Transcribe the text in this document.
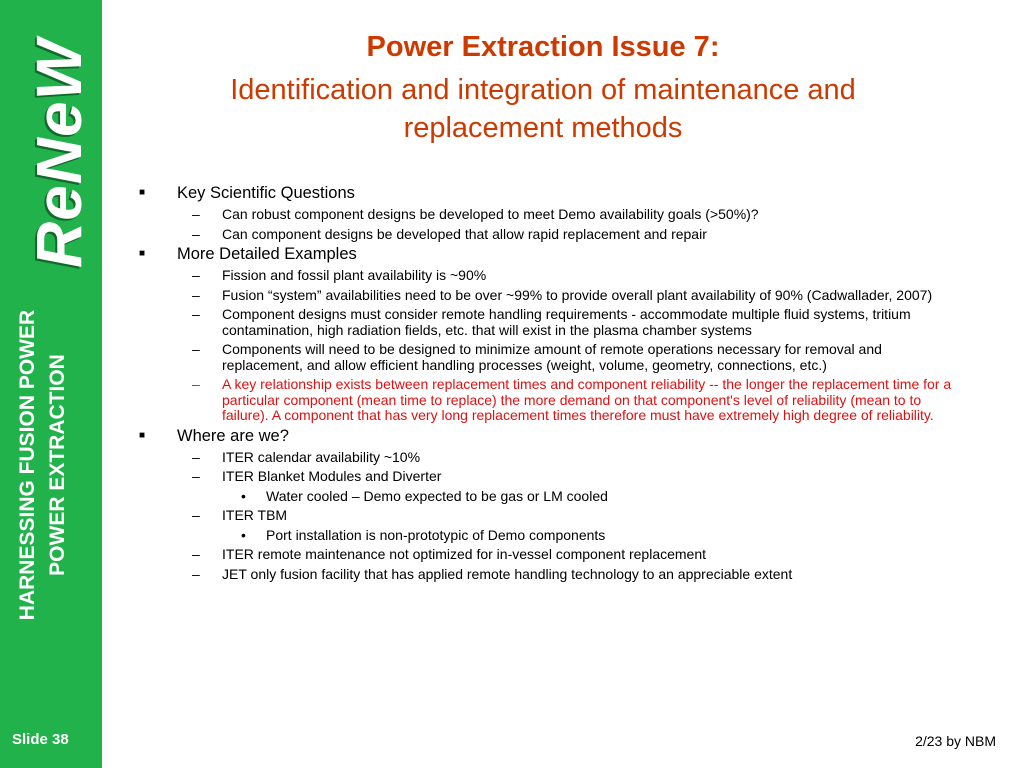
ReNeW
HARNESSING FUSION POWER POWER EXTRACTION
Slide 38
Power Extraction Issue 7:
Identification and integration of maintenance and replacement methods
■ Key Scientific Questions
– Can robust component designs be developed to meet Demo availability goals (>50%)?
– Can component designs be developed that allow rapid replacement and repair
■ More Detailed Examples
– Fission and fossil plant availability is ~90%
– Fusion “system” availabilities need to be over ~99% to provide overall plant availability of 90% (Cadwallader, 2007)
– Component designs must consider remote handling requirements - accommodate multiple fluid systems, tritium contamination, high radiation fields, etc. that will exist in the plasma chamber systems
– Components will need to be designed to minimize amount of remote operations necessary for removal and replacement, and allow efficient handling processes (weight, volume, geometry, connections, etc.)
– A key relationship exists between replacement times and component reliability -- the longer the replacement time for a particular component (mean time to replace) the more demand on that component's level of reliability (mean to to failure). A component that has very long replacement times therefore must have extremely high degree of reliability.
■ Where are we?
– ITER calendar availability ~10%
– ITER Blanket Modules and Diverter
• Water cooled – Demo expected to be gas or LM cooled
– ITER TBM
• Port installation is non-prototypic of Demo components
– ITER remote maintenance not optimized for in-vessel component replacement
– JET only fusion facility that has applied remote handling technology to an appreciable extent
2/23 by NBM
